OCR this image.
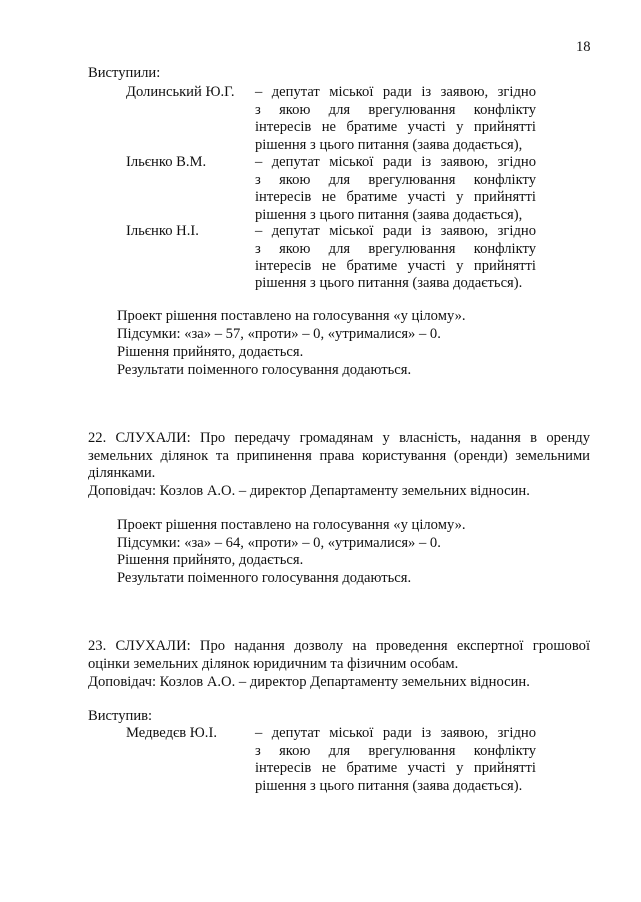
18
Виступили:
Долинський Ю.Г. – депутат міської ради із заявою, згідно
з якою для врегулювання конфлікту
інтересів не братиме участі у прийнятті
рішення з цього питання (заява додається),
Ільєнко В.М.	– депутат міської ради із заявою, згідно
з якою для врегулювання конфлікту
інтересів не братиме участі у прийнятті
рішення з цього питання (заява додається),
Ільєнко Н.І.	– депутат міської ради із заявою, згідно
з якою для врегулювання конфлікту
інтересів не братиме участі у прийнятті
рішення з цього питання (заява додається).
Проект рішення поставлено на голосування «у цілому».
Підсумки: «за» – 57, «проти» – 0, «утрималися» – 0.
Рішення прийнято, додається.
Результати поіменного голосування додаються.
22. СЛУХАЛИ: Про передачу громадянам у власність, надання в оренду
земельних ділянок та припинення права користування (оренди) земельними
ділянками.
Доповідач: Козлов А.О. – директор Департаменту земельних відносин.
Проект рішення поставлено на голосування «у цілому».
Підсумки: «за» – 64, «проти» – 0, «утрималися» – 0.
Рішення прийнято, додається.
Результати поіменного голосування додаються.
23. СЛУХАЛИ: Про надання дозволу на проведення експертної грошової
оцінки земельних ділянок юридичним та фізичним особам.
Доповідач: Козлов А.О. – директор Департаменту земельних відносин.
Виступив:
Медведєв Ю.І.	– депутат міської ради із заявою, згідно
з якою для врегулювання конфлікту
інтересів не братиме участі у прийнятті
рішення з цього питання (заява додається).
